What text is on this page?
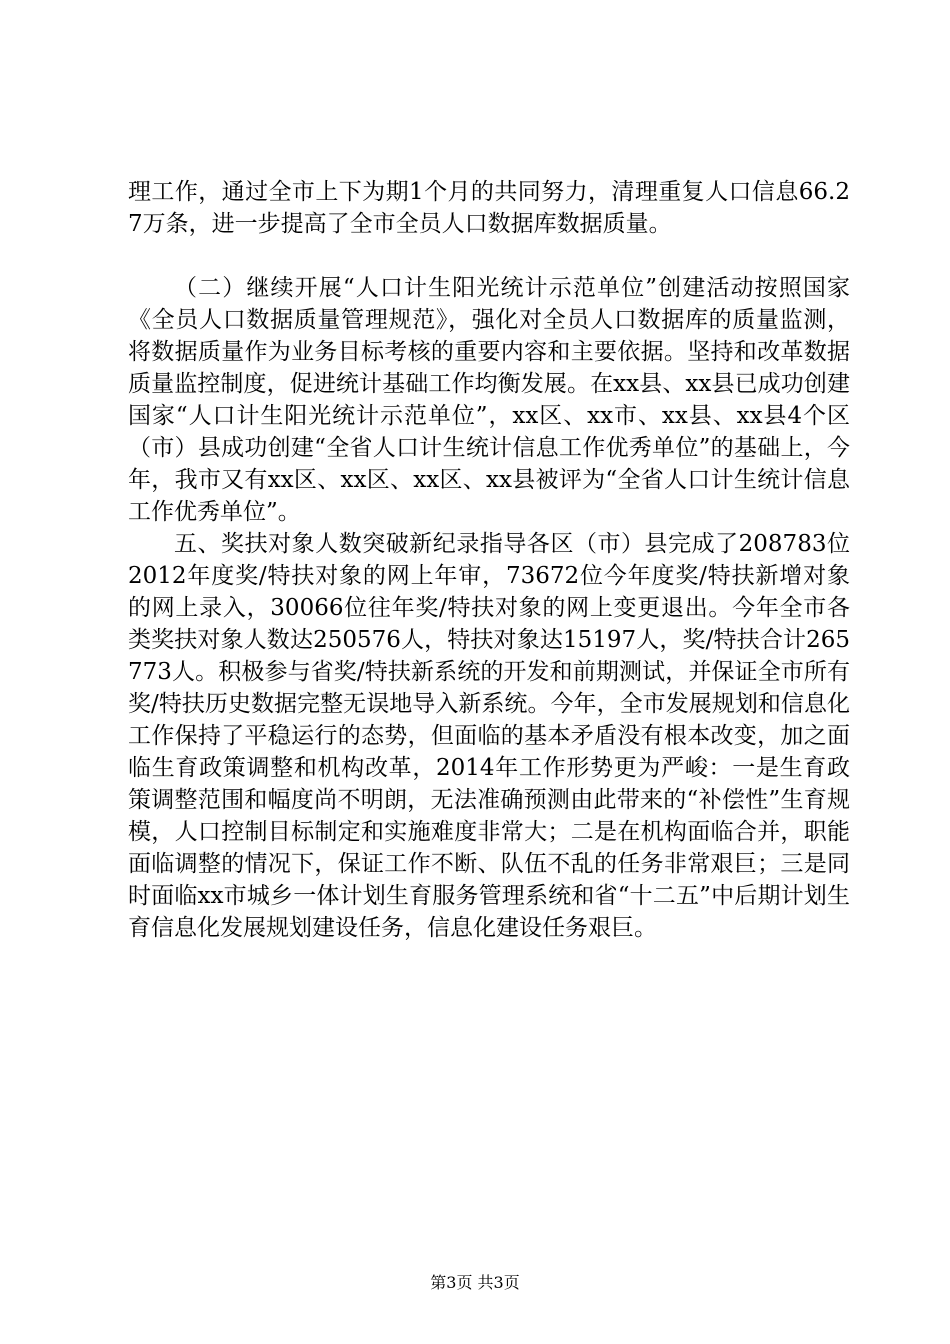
理工作，通过全市上下为期1个月的共同努力，清理重复人口信息66.27万条，进一步提高了全市全员人口数据库数据质量。

（二）继续开展“人口计生阳光统计示范单位”创建活动按照国家《全员人口数据质量管理规范》，强化对全员人口数据库的质量监测，将数据质量作为业务目标考核的重要内容和主要依据。坚持和改革数据质量监控制度，促进统计基础工作均衡发展。在xx县、xx县已成功创建国家“人口计生阳光统计示范单位”，xx区、xx市、xx县、xx县4个区（市）县成功创建“全省人口计生统计信息工作优秀单位”的基础上，今年，我市又有xx区、xx区、xx区、xx县被评为“全省人口计生统计信息工作优秀单位”。

五、奖扶对象人数突破新纪录指导各区（市）县完成了208783位2012年度奖/特扶对象的网上年审，73672位今年度奖/特扶新增对象的网上录入，30066位往年奖/特扶对象的网上变更退出。今年全市各类奖扶对象人数达250576人，特扶对象达15197人，奖/特扶合计265773人。积极参与省奖/特扶新系统的开发和前期测试，并保证全市所有奖/特扶历史数据完整无误地导入新系统。今年，全市发展规划和信息化工作保持了平稳运行的态势，但面临的基本矛盾没有根本改变，加之面临生育政策调整和机构改革，2014年工作形势更为严峻：一是生育政策调整范围和幅度尚不明朗，无法准确预测由此带来的“补偿性”生育规模，人口控制目标制定和实施难度非常大；二是在机构面临合并，职能面临调整的情况下，保证工作不断、队伍不乱的任务非常艰巨；三是同时面临xx市城乡一体计划生育服务管理系统和省“十二五”中后期计划生育信息化发展规划建设任务，信息化建设任务艰巨。

第3页 共3页
